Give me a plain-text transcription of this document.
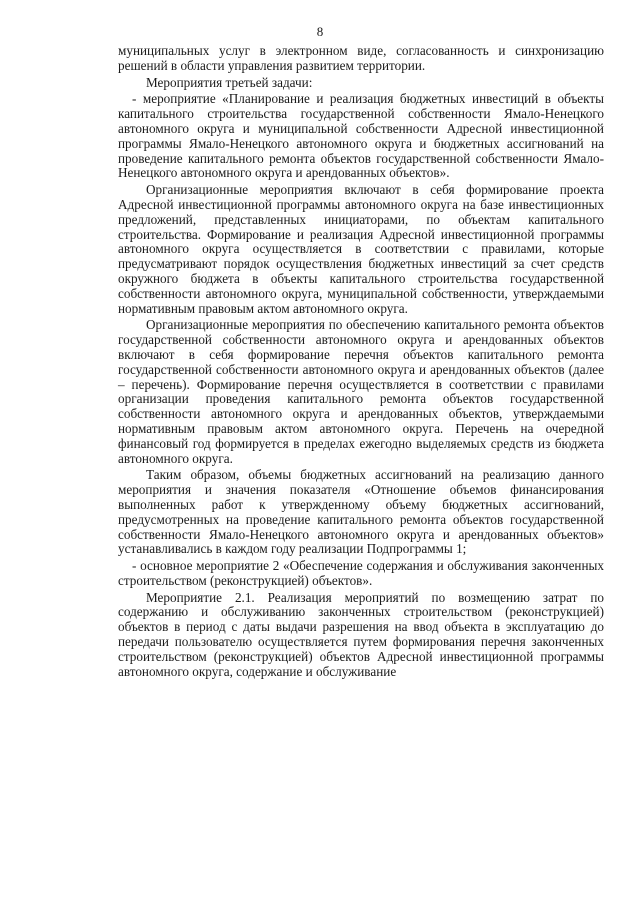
8

муниципальных услуг в электронном виде, согласованность и синхронизацию решений в области управления развитием территории.

Мероприятия третьей задачи:

- мероприятие «Планирование и реализация бюджетных инвестиций в объекты капитального строительства государственной собственности Ямало-Ненецкого автономного округа и муниципальной собственности Адресной инвестиционной программы Ямало-Ненецкого автономного округа и бюджетных ассигнований на проведение капитального ремонта объектов государственной собственности Ямало-Ненецкого автономного округа и арендованных объектов».

Организационные мероприятия включают в себя формирование проекта Адресной инвестиционной программы автономного округа на базе инвестиционных предложений, представленных инициаторами, по объектам капитального строительства. Формирование и реализация Адресной инвестиционной программы автономного округа осуществляется в соответствии с правилами, которые предусматривают порядок осуществления бюджетных инвестиций за счет средств окружного бюджета в объекты капитального строительства государственной собственности автономного округа, муниципальной собственности, утверждаемыми нормативным правовым актом автономного округа.

Организационные мероприятия по обеспечению капитального ремонта объектов государственной собственности автономного округа и арендованных объектов включают в себя формирование перечня объектов капитального ремонта государственной собственности автономного округа и арендованных объектов (далее – перечень). Формирование перечня осуществляется в соответствии с правилами организации проведения капитального ремонта объектов государственной собственности автономного округа и арендованных объектов, утверждаемыми нормативным правовым актом автономного округа. Перечень на очередной финансовый год формируется в пределах ежегодно выделяемых средств из бюджета автономного округа.

Таким образом, объемы бюджетных ассигнований на реализацию данного мероприятия и значения показателя «Отношение объемов финансирования выполненных работ к утвержденному объему бюджетных ассигнований, предусмотренных на проведение капитального ремонта объектов государственной собственности Ямало-Ненецкого автономного округа и арендованных объектов» устанавливались в каждом году реализации Подпрограммы 1;

- основное мероприятие 2 «Обеспечение содержания и обслуживания законченных строительством (реконструкцией) объектов».

Мероприятие 2.1. Реализация мероприятий по возмещению затрат по содержанию и обслуживанию законченных строительством (реконструкцией) объектов в период с даты выдачи разрешения на ввод объекта в эксплуатацию до передачи пользователю осуществляется путем формирования перечня законченных строительством (реконструкцией) объектов Адресной инвестиционной программы автономного округа, содержание и обслуживание
